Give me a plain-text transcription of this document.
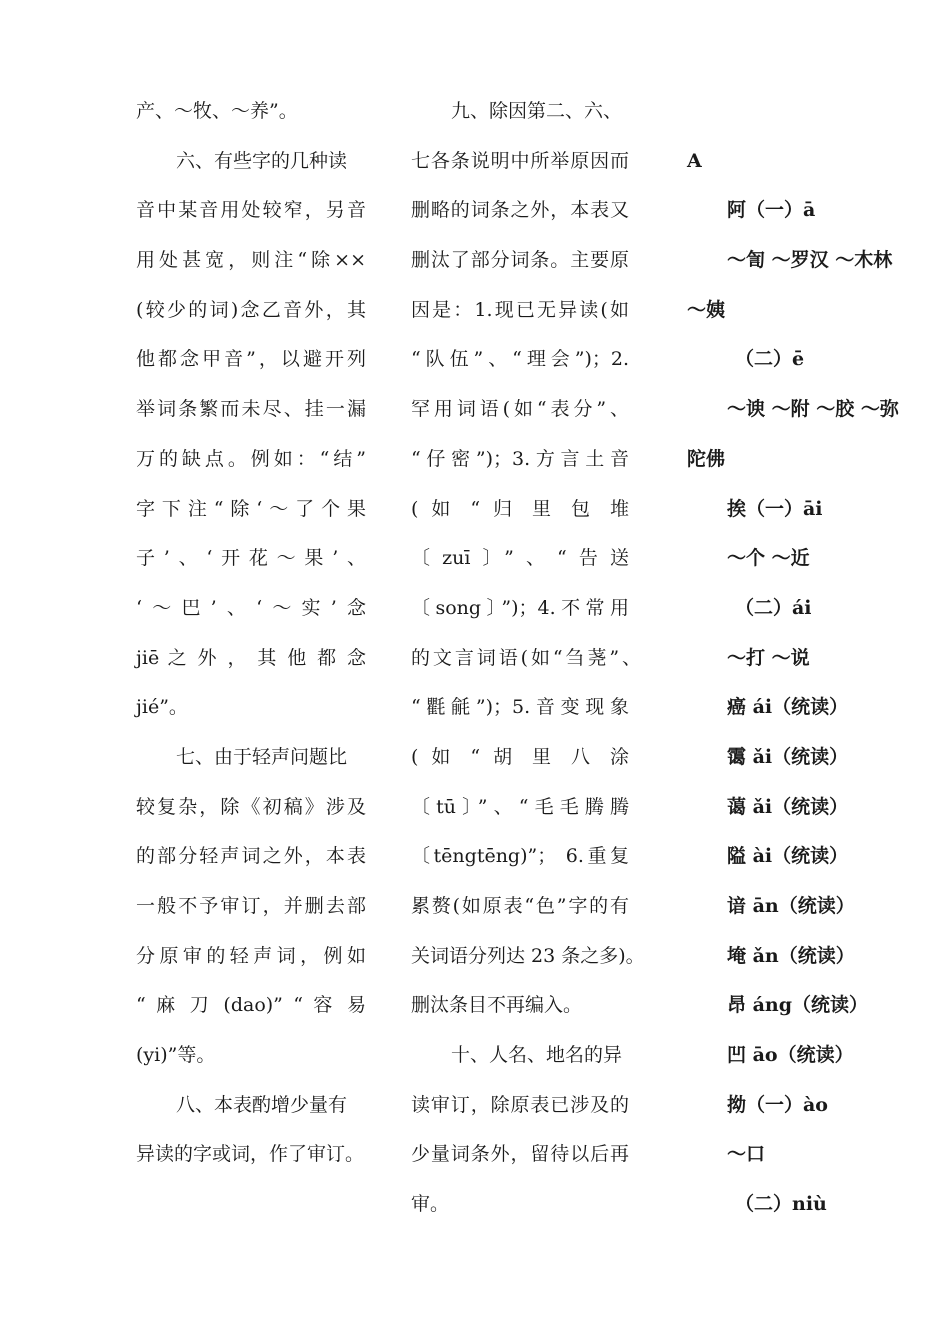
产、～牧、～养”。
六、有些字的几种读
音中某音用处较窄，另音
用处甚宽，则注“除××
(较少的词)念乙音外，其
他都念甲音”，以避开列
举词条繁而未尽、挂一漏
万的缺点。例如：“结”
字下注“除‘～了个果
子’、‘开花～果’、
‘～巴’、‘～实’念
jiē 之 外 ， 其 他 都 念
jié”。
七、由于轻声问题比
较复杂，除《初稿》涉及
的部分轻声词之外，本表
一般不予审订，并删去部
分原审的轻声词，例如
“ 麻 刀 (dao)” “ 容 易
(yi)”等。
八、本表酌增少量有
异读的字或词，作了审订。
九、除因第二、六、
七各条说明中所举原因而
删略的词条之外，本表又
删汰了部分词条。主要原
因是：1.现已无异读(如
“队伍”、“理会”)；2.
罕用词语(如“表分”、
“仔密”)；3.方言土音
( 如 “ 归 里 包 堆
〔zuī〕”、“告送
〔song〕”)；4.不常用
的文言词语(如“刍荛”、
“氍毹”)；5.音变现象
( 如 “ 胡 里 八 涂
〔tū〕”、“毛毛腾腾
〔tēngtēng)”； 6.重复
累赘(如原表“色”字的有
关词语分列达 23 条之多)。
删汰条目不再编入。
十、人名、地名的异
读审订，除原表已涉及的
少量词条外，留待以后再
审。
A
阿（一）ā
～訇 ～罗汉 ～木林
～姨
（二）ē
～谀 ～附 ～胶 ～弥
陀佛
挨（一）āi
～个 ～近
（二）ái
～打 ～说
癌 ái（统读）
霭 ǎi（统读）
蔼 ǎi（统读）
隘 ài（统读）
谙 ān（统读）
埯 ǎn（统读）
昂 áng（统读）
凹 āo（统读）
拗（一）ào
～口
（二）niù
